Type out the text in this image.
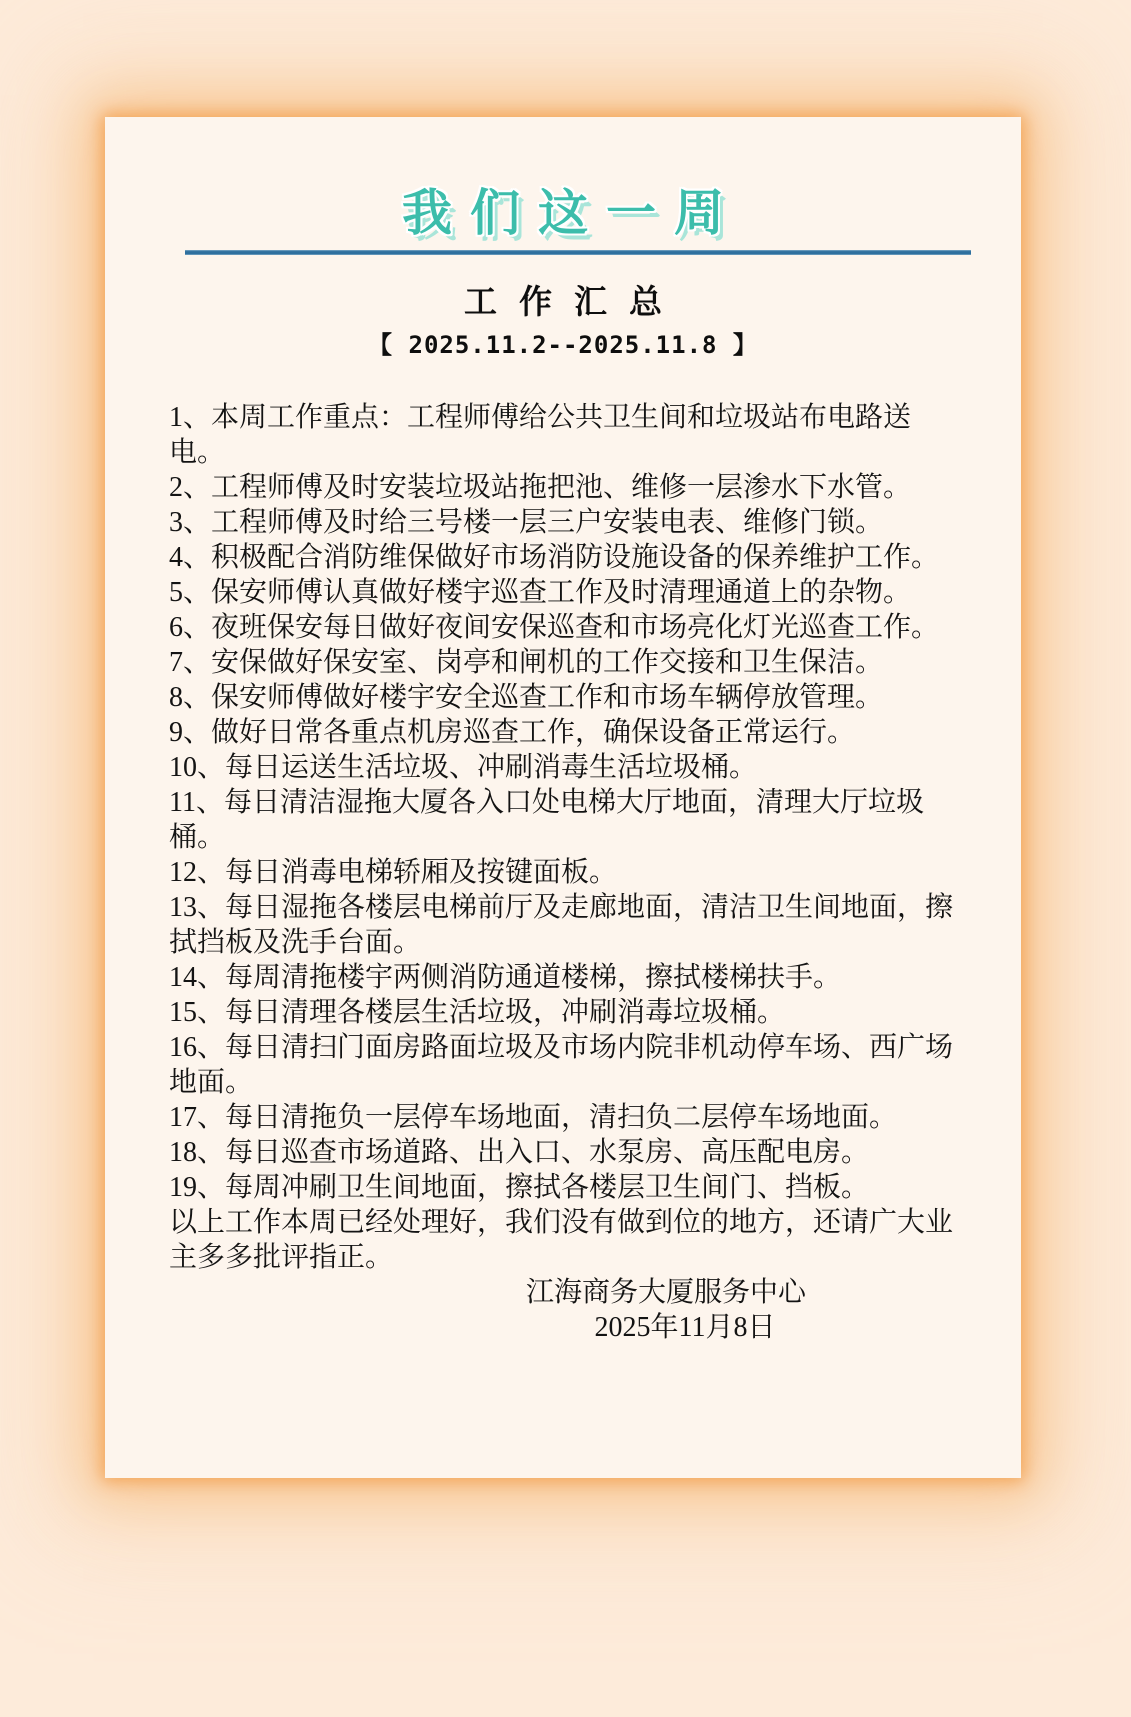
我们这一周
工作汇总
【 2025.11.2--2025.11.8 】
1、本周工作重点：工程师傅给公共卫生间和垃圾站布电路送
电。
2、工程师傅及时安装垃圾站拖把池、维修一层渗水下水管。
3、工程师傅及时给三号楼一层三户安装电表、维修门锁。
4、积极配合消防维保做好市场消防设施设备的保养维护工作。
5、保安师傅认真做好楼宇巡查工作及时清理通道上的杂物。
6、夜班保安每日做好夜间安保巡查和市场亮化灯光巡查工作。
7、安保做好保安室、岗亭和闸机的工作交接和卫生保洁。
8、保安师傅做好楼宇安全巡查工作和市场车辆停放管理。
9、做好日常各重点机房巡查工作，确保设备正常运行。
10、每日运送生活垃圾、冲刷消毒生活垃圾桶。
11、每日清洁湿拖大厦各入口处电梯大厅地面，清理大厅垃圾
桶。
12、每日消毒电梯轿厢及按键面板。
13、每日湿拖各楼层电梯前厅及走廊地面，清洁卫生间地面，擦
拭挡板及洗手台面。
14、每周清拖楼宇两侧消防通道楼梯，擦拭楼梯扶手。
15、每日清理各楼层生活垃圾，冲刷消毒垃圾桶。
16、每日清扫门面房路面垃圾及市场内院非机动停车场、西广场
地面。
17、每日清拖负一层停车场地面，清扫负二层停车场地面。
18、每日巡查市场道路、出入口、水泵房、高压配电房。
19、每周冲刷卫生间地面，擦拭各楼层卫生间门、挡板。
以上工作本周已经处理好，我们没有做到位的地方，还请广大业
主多多批评指正。
江海商务大厦服务中心
2025年11月8日
